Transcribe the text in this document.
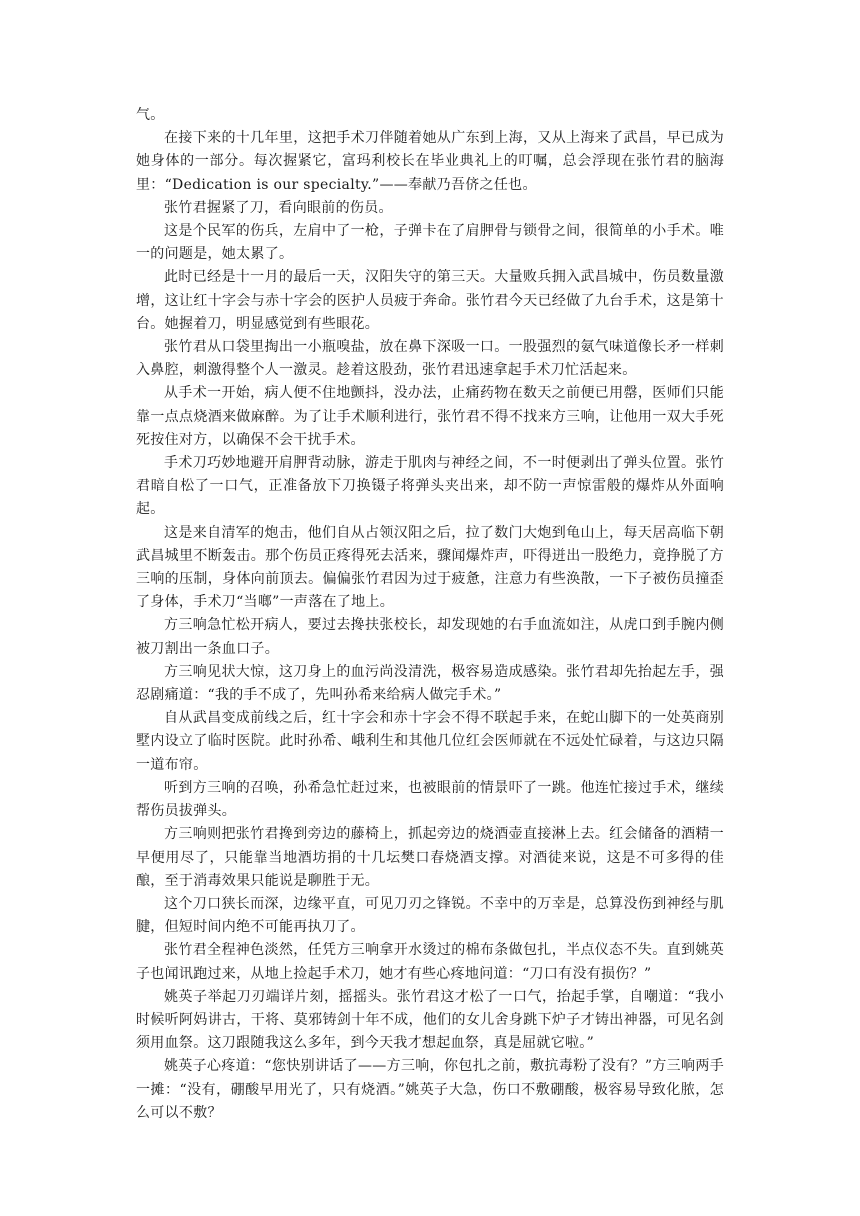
气。

在接下来的十几年里，这把手术刀伴随着她从广东到上海，又从上海来了武昌，早已成为她身体的一部分。每次握紧它，富玛利校长在毕业典礼上的叮嘱，总会浮现在张竹君的脑海里：“Dedication is our specialty.”——奉献乃吾侪之任也。

张竹君握紧了刀，看向眼前的伤员。

这是个民军的伤兵，左肩中了一枪，子弹卡在了肩胛骨与锁骨之间，很简单的小手术。唯一的问题是，她太累了。

此时已经是十一月的最后一天，汉阳失守的第三天。大量败兵拥入武昌城中，伤员数量激增，这让红十字会与赤十字会的医护人员疲于奔命。张竹君今天已经做了九台手术，这是第十台。她握着刀，明显感觉到有些眼花。

张竹君从口袋里掏出一小瓶嗅盐，放在鼻下深吸一口。一股强烈的氨气味道像长矛一样刺入鼻腔，刺激得整个人一激灵。趁着这股劲，张竹君迅速拿起手术刀忙活起来。

从手术一开始，病人便不住地颤抖，没办法，止痛药物在数天之前便已用罄，医师们只能靠一点点烧酒来做麻醉。为了让手术顺利进行，张竹君不得不找来方三响，让他用一双大手死死按住对方，以确保不会干扰手术。

手术刀巧妙地避开肩胛背动脉，游走于肌肉与神经之间，不一时便剥出了弹头位置。张竹君暗自松了一口气，正准备放下刀换镊子将弹头夹出来，却不防一声惊雷般的爆炸从外面响起。

这是来自清军的炮击，他们自从占领汉阳之后，拉了数门大炮到龟山上，每天居高临下朝武昌城里不断轰击。那个伤员正疼得死去活来，骤闻爆炸声，吓得迸出一股绝力，竟挣脱了方三响的压制，身体向前顶去。偏偏张竹君因为过于疲惫，注意力有些涣散，一下子被伤员撞歪了身体，手术刀“当啷”一声落在了地上。

方三响急忙松开病人，要过去搀扶张校长，却发现她的右手血流如注，从虎口到手腕内侧被刀割出一条血口子。

方三响见状大惊，这刀身上的血污尚没清洗，极容易造成感染。张竹君却先抬起左手，强忍剧痛道：“我的手不成了，先叫孙希来给病人做完手术。”

自从武昌变成前线之后，红十字会和赤十字会不得不联起手来，在蛇山脚下的一处英商别墅内设立了临时医院。此时孙希、峨利生和其他几位红会医师就在不远处忙碌着，与这边只隔一道布帘。

听到方三响的召唤，孙希急忙赶过来，也被眼前的情景吓了一跳。他连忙接过手术，继续帮伤员拔弹头。

方三响则把张竹君搀到旁边的藤椅上，抓起旁边的烧酒壶直接淋上去。红会储备的酒精一早便用尽了，只能靠当地酒坊捐的十几坛樊口春烧酒支撑。对酒徒来说，这是不可多得的佳酿，至于消毒效果只能说是聊胜于无。

这个刀口狭长而深，边缘平直，可见刀刃之锋锐。不幸中的万幸是，总算没伤到神经与肌腱，但短时间内绝不可能再执刀了。

张竹君全程神色淡然，任凭方三响拿开水烫过的棉布条做包扎，半点仪态不失。直到姚英子也闻讯跑过来，从地上捡起手术刀，她才有些心疼地问道：“刀口有没有损伤？”

姚英子举起刀刃端详片刻，摇摇头。张竹君这才松了一口气，抬起手掌，自嘲道：“我小时候听阿妈讲古，干将、莫邪铸剑十年不成，他们的女儿舍身跳下炉子才铸出神器，可见名剑须用血祭。这刀跟随我这么多年，到今天我才想起血祭，真是屈就它啦。”

姚英子心疼道：“您快别讲话了——方三响，你包扎之前，敷抗毒粉了没有？”方三响两手一摊：“没有，硼酸早用光了，只有烧酒。”姚英子大急，伤口不敷硼酸，极容易导致化脓，怎么可以不敷？
